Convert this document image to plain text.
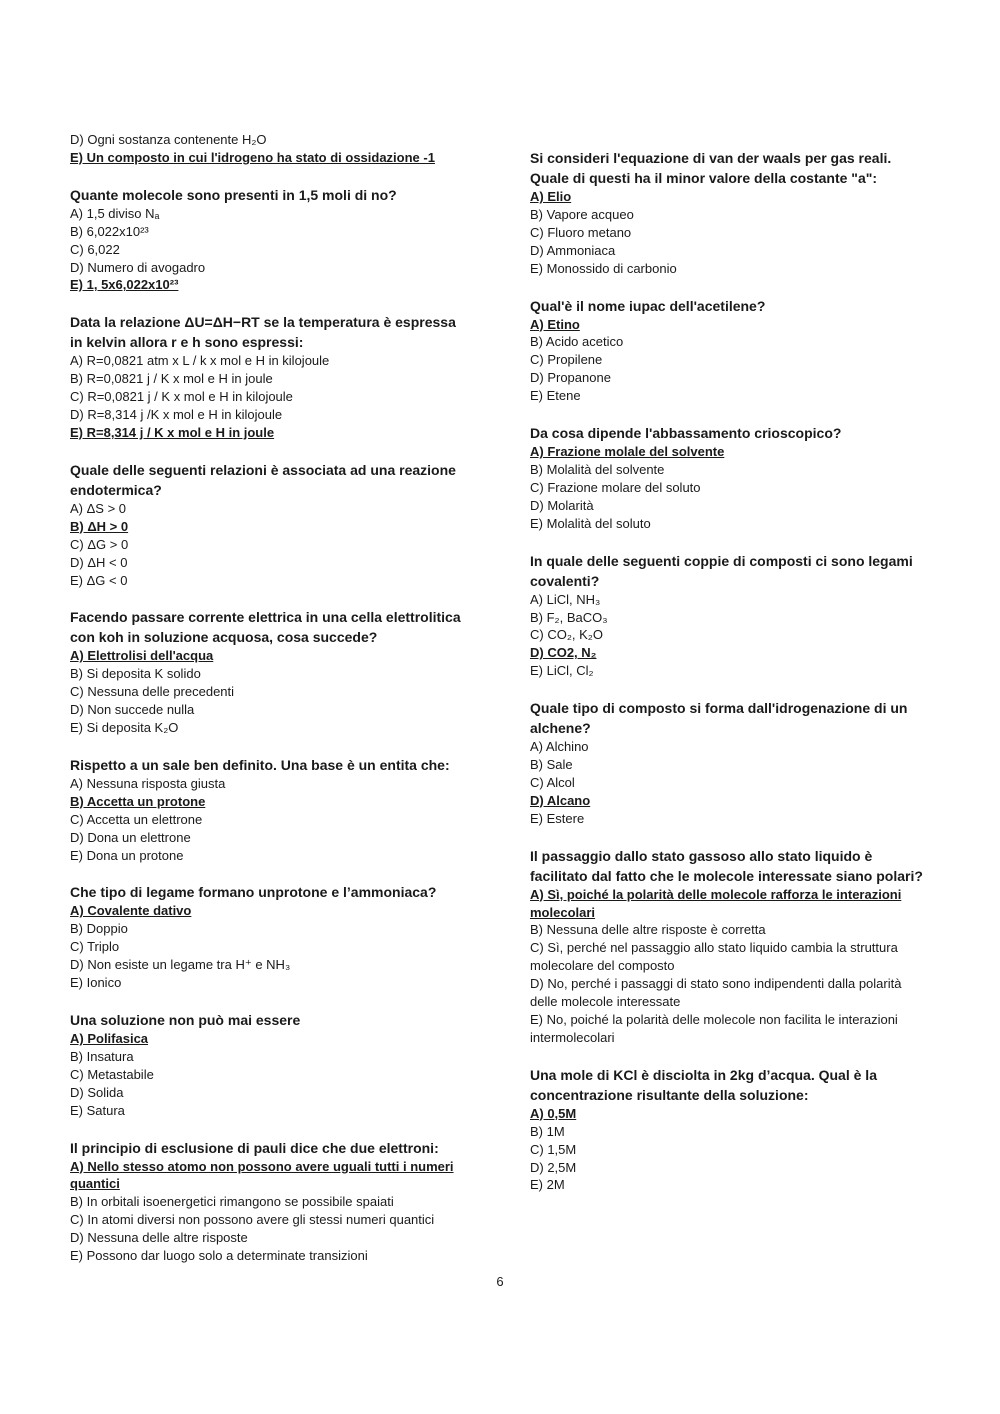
D) Ogni sostanza contenente H₂O

E) Un composto in cui l'idrogeno ha stato di ossidazione -1

Quante molecole sono presenti in 1,5 moli di no?

A) 1,5 diviso Nₐ

B) 6,022x10²³

C) 6,022

D) Numero di avogadro

E) 1, 5x6,022x10²³

Data la relazione ΔU=ΔH−RT se la temperatura è espressa in kelvin allora r e h sono espressi:

A) R=0,0821 atm x L / k x mol e H in kilojoule

B) R=0,0821 j / K x mol e H in joule

C) R=0,0821 j / K x mol e H in kilojoule

D) R=8,314 j /K x mol e H in kilojoule

E) R=8,314 j / K x mol e H in joule

Quale delle seguenti relazioni è associata ad una reazione endotermica?

A) ΔS > 0

B) ΔH > 0

C) ΔG > 0

D) ΔH < 0

E) ΔG < 0

Facendo passare corrente elettrica in una cella elettrolitica con koh in soluzione acquosa, cosa succede?

A) Elettrolisi dell'acqua

B) Si deposita K solido

C) Nessuna delle precedenti

D) Non succede nulla

E) Si deposita K₂O

Rispetto a un sale ben definito. Una base è un entita che:

A) Nessuna risposta giusta

B) Accetta un protone

C) Accetta un elettrone

D) Dona un elettrone

E) Dona un protone

Che tipo di legame formano unprotone e l’ammoniaca?

A) Covalente dativo

B) Doppio

C) Triplo

D) Non esiste un legame tra H⁺ e NH₃

E) Ionico

Una soluzione non può mai essere

A) Polifasica

B) Insatura

C) Metastabile

D) Solida

E) Satura

Il principio di esclusione di pauli dice che due elettroni:

A) Nello stesso atomo non possono avere uguali tutti i numeri quantici

B) In orbitali isoenergetici rimangono se possibile spaiati

C) In atomi diversi non possono avere gli stessi numeri quantici

D) Nessuna delle altre risposte

E) Possono dar luogo solo a determinate transizioni

Si consideri l'equazione di van der waals per gas reali. Quale di questi ha il minor valore della costante "a":

A) Elio

B) Vapore acqueo

C) Fluoro metano

D) Ammoniaca

E) Monossido di carbonio

Qual'è il nome iupac dell'acetilene?

A) Etino

B) Acido acetico

C) Propilene

D) Propanone

E) Etene

Da cosa dipende l'abbassamento crioscopico?

A) Frazione molale del solvente

B) Molalità del solvente

C) Frazione molare del soluto

D) Molarità

E) Molalità del soluto

In quale delle seguenti coppie di composti ci sono legami covalenti?

A) LiCl, NH₃

B) F₂, BaCO₃

C) CO₂, K₂O

D) CO2, N₂

E) LiCl, Cl₂

Quale tipo di composto si forma dall'idrogenazione di un alchene?

A) Alchino

B) Sale

C) Alcol

D) Alcano

E) Estere

Il passaggio dallo stato gassoso allo stato liquido è facilitato dal fatto che le molecole interessate siano polari?

A) Sì, poiché la polarità delle molecole rafforza le interazioni molecolari

B) Nessuna delle altre risposte è corretta

C) Sì, perché nel passaggio allo stato liquido cambia la struttura molecolare del composto

D) No, perché i passaggi di stato sono indipendenti dalla polarità delle molecole interessate

E) No, poiché la polarità delle molecole non facilita le interazioni intermolecolari

Una mole di KCl è disciolta in 2kg d’acqua. Qual è la concentrazione risultante della soluzione:

A) 0,5M

B) 1M

C) 1,5M

D) 2,5M

E) 2M

6
